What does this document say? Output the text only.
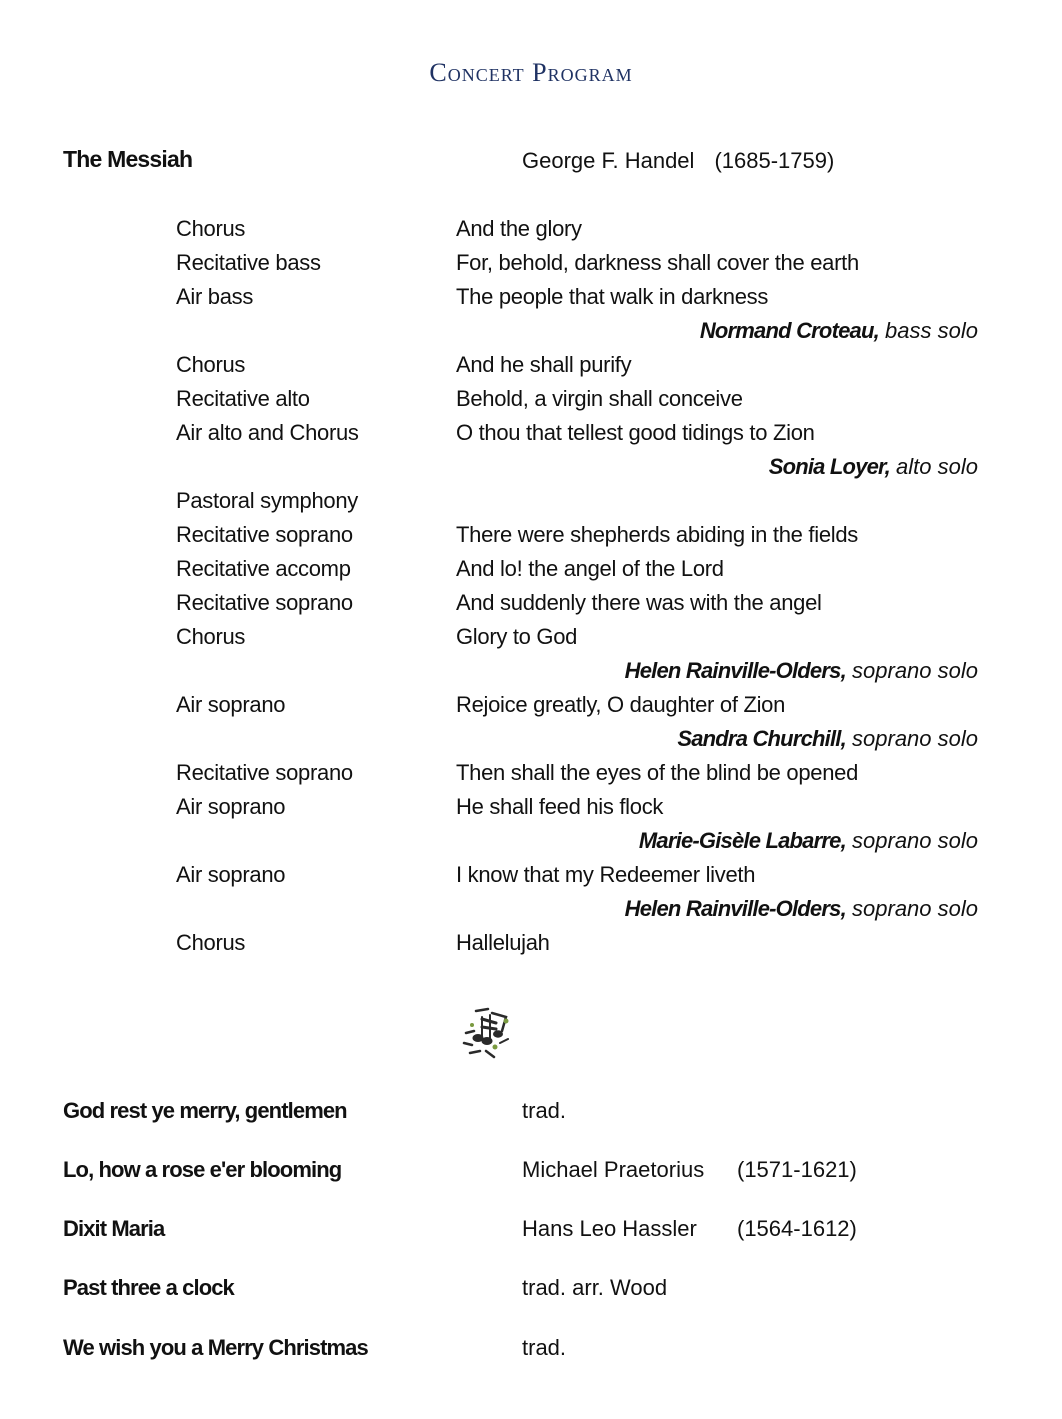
Concert Program
The Messiah	George F. Handel (1685-1759)
Chorus	And the glory
Recitative bass	For, behold, darkness shall cover the earth
Air bass	The people that walk in darkness
Normand Croteau, bass solo
Chorus	And he shall purify
Recitative alto	Behold, a virgin shall conceive
Air alto and Chorus	O thou that tellest good tidings to Zion
Sonia Loyer, alto solo
Pastoral symphony
Recitative soprano	There were shepherds abiding in the fields
Recitative accomp	And lo! the angel of the Lord
Recitative soprano	And suddenly there was with the angel
Chorus	Glory to God
Helen Rainville-Olders, soprano solo
Air soprano	Rejoice greatly, O daughter of Zion
Sandra Churchill, soprano solo
Recitative soprano	Then shall the eyes of the blind be opened
Air soprano	He shall feed his flock
Marie-Gisèle Labarre, soprano solo
Air soprano	I know that my Redeemer liveth
Helen Rainville-Olders, soprano solo
Chorus	Hallelujah
God rest ye merry, gentlemen	trad.
Lo, how a rose e'er blooming	Michael Praetorius (1571-1621)
Dixit Maria	Hans Leo Hassler (1564-1612)
Past three a clock	trad. arr. Wood
We wish you a Merry Christmas	trad.
